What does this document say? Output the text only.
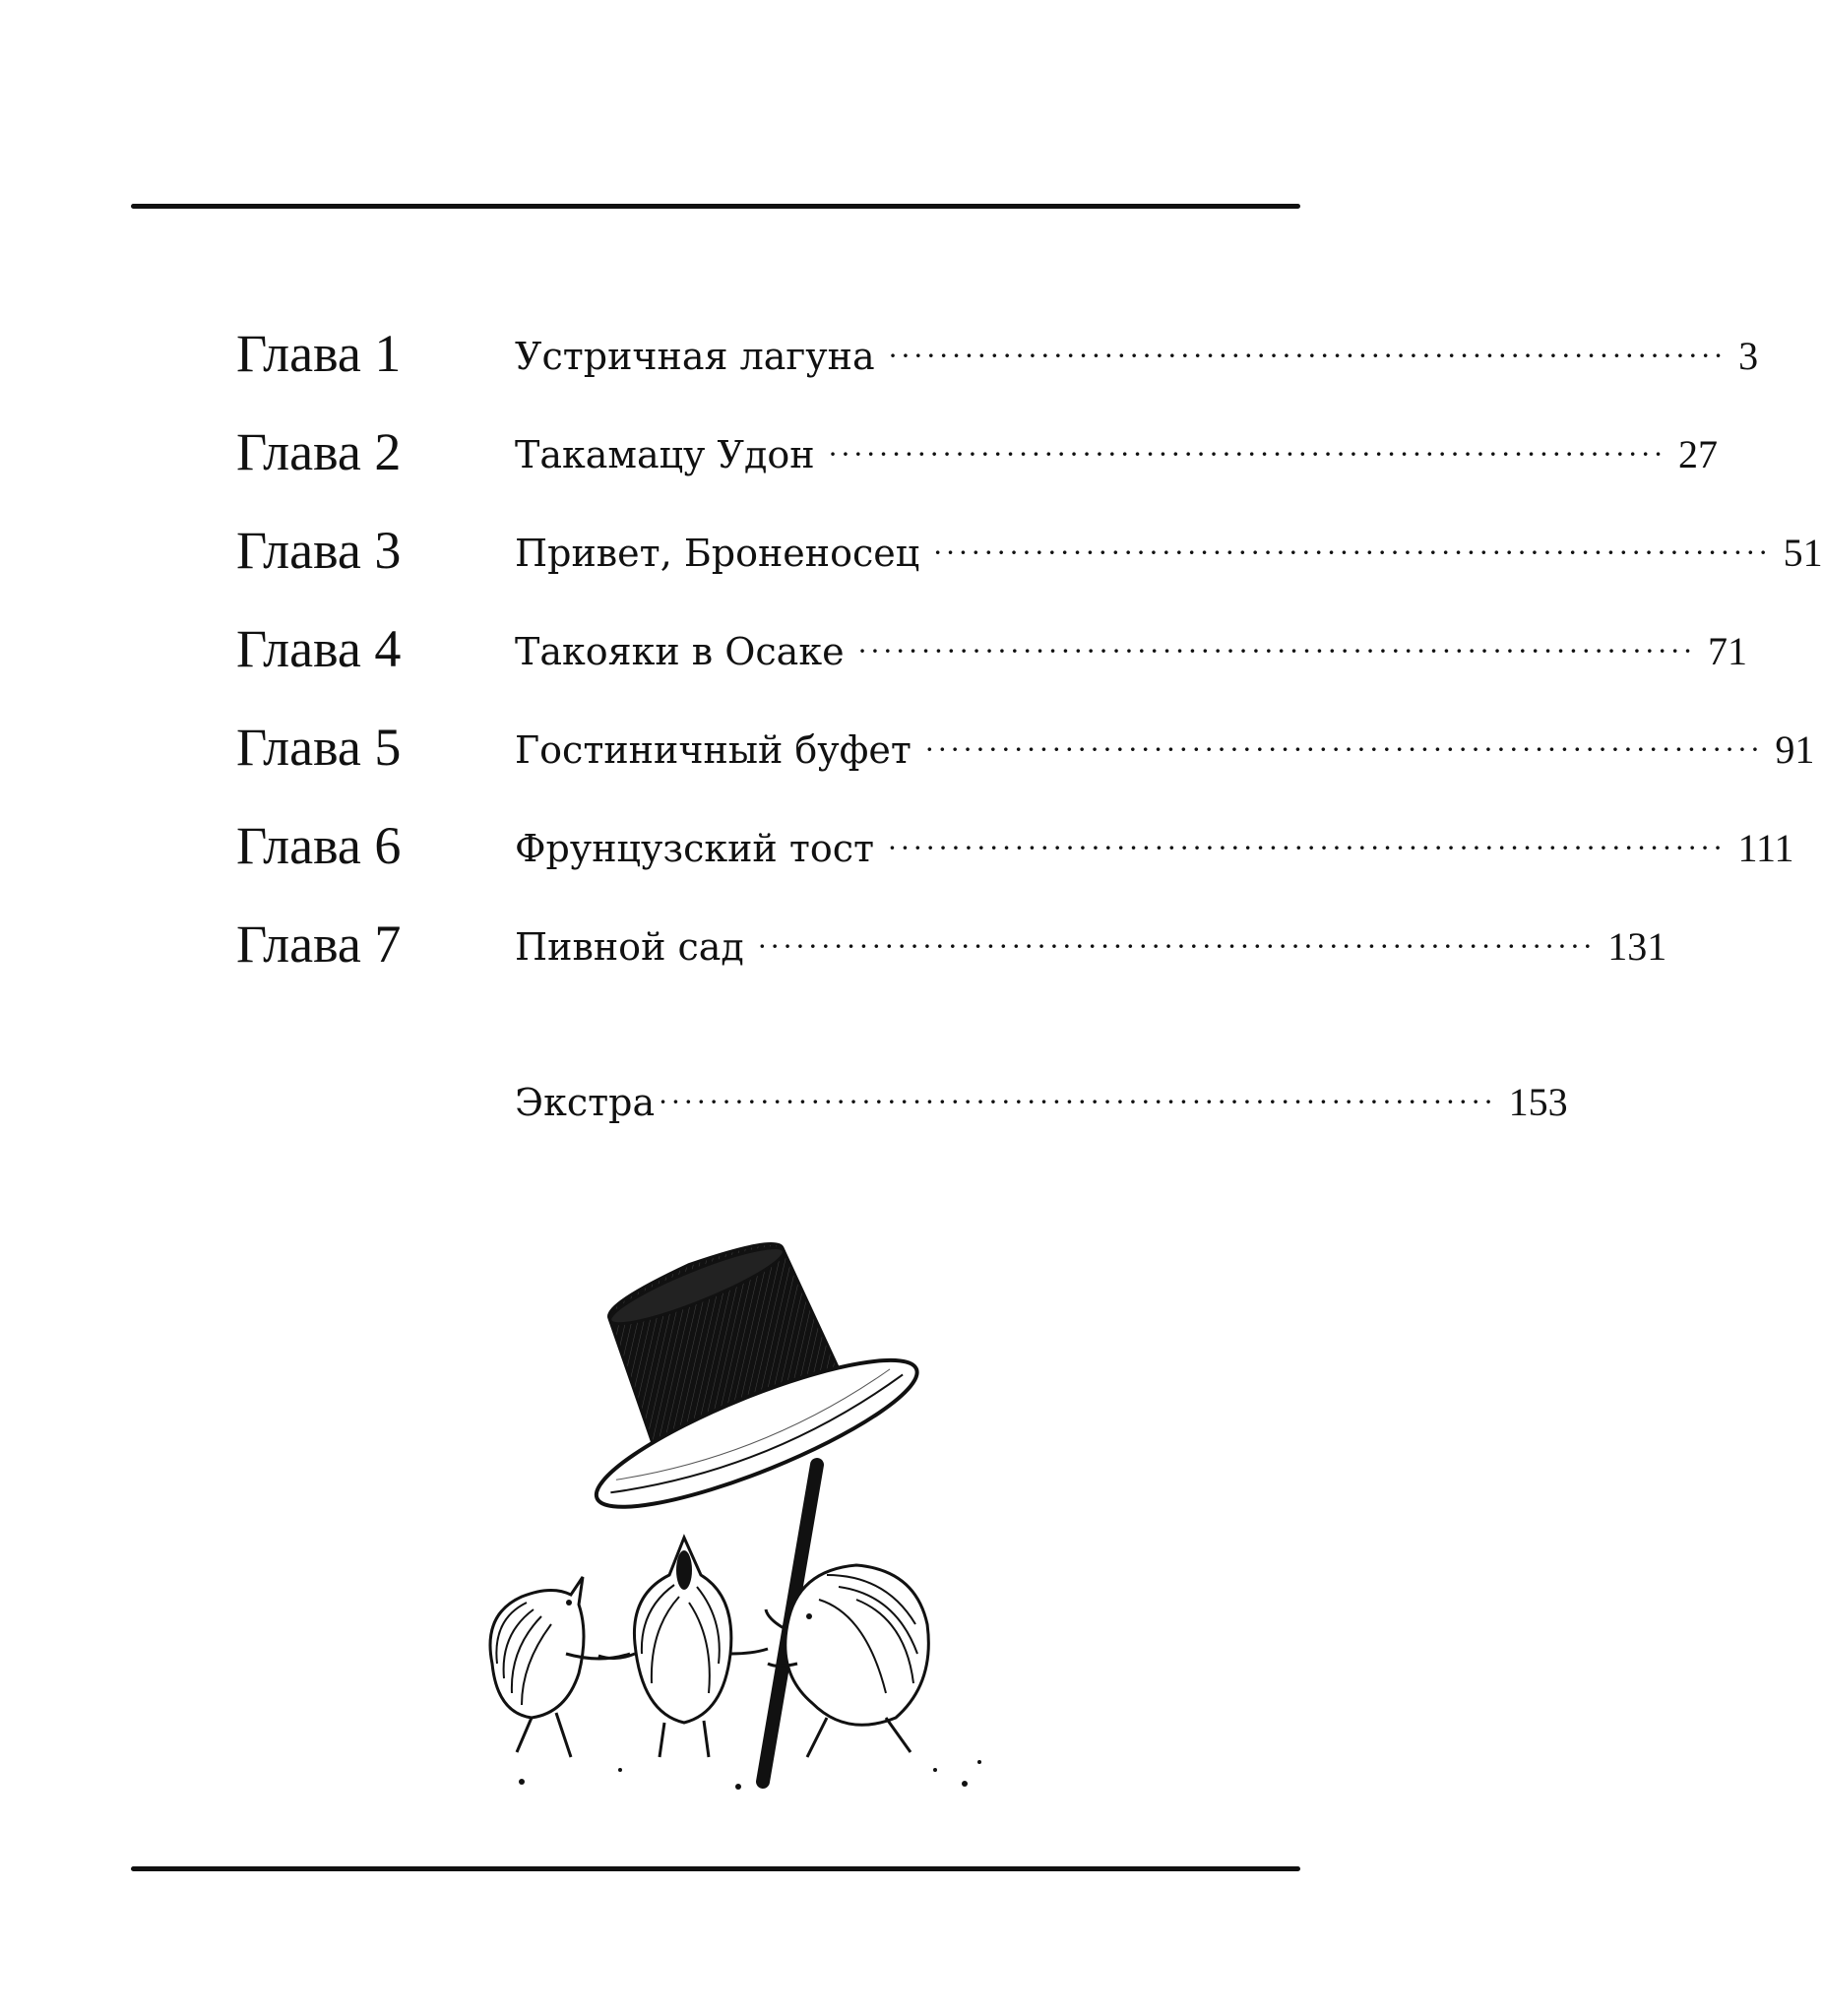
Глава 1	Устричная лагуна ·································································· 3
Глава 2	Такамацу Удон ·································································· 27
Глава 3	Привет, Броненосец ·································································· 51
Глава 4	Такояки в Осаке ·································································· 71
Глава 5	Гостиничный буфет ·································································· 91
Глава 6	Фрунцузский тост ·································································· 111
Глава 7	Пивной сад ·································································· 131
Экстра ·································································· 153
